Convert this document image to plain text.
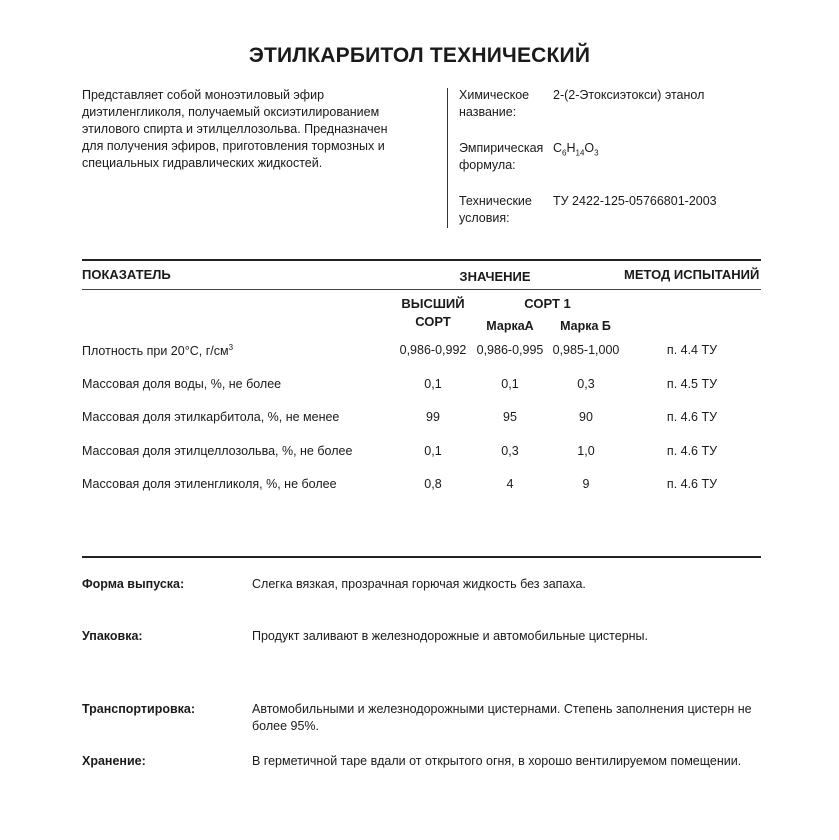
ЭТИЛКАРБИТОЛ ТЕХНИЧЕСКИЙ
Представляет собой моноэтиловый эфир диэтиленгликоля, получаемый оксиэтилированием этилового спирта и этилцеллозольва. Предназначен для получения эфиров, приготовления тормозных и специальных гидравлических жидкостей.
Химическое название:
2-(2-Этоксиэтокси) этанол
Эмпирическая формула:
$C_6H_{14}O_3$
Технические условия:
ТУ 2422-125-05766801-2003
ПОКАЗАТЕЛЬ	ЗНАЧЕНИЕ	МЕТОД ИСПЫТАНИЙ
ВЫСШИЙ
СОРТ
СОРТ 1
МаркаА	Марка Б
Плотность при 20°С, $г/см^3$	0,986-0,992 0,986-0,995 0,985-1,000	п. 4.4 ТУ
Массовая доля воды, %, не более	0,1	0,1	0,3	п. 4.5 ТУ
Массовая доля этилкарбитола, %, не менее	99	95	90	п. 4.6 ТУ
Массовая доля этилцеллозольва, %, не более	0,1	0,3	1,0	п. 4.6 ТУ
Массовая доля этиленгликоля, %, не более	0,8	4	9	п. 4.6 ТУ
Форма выпуска:	Слегка вязкая, прозрачная горючая жидкость без запаха.
Упаковка:	Продукт заливают в железнодорожные и автомобильные цистерны.
Транспортировка:	Автомобильными и железнодорожными цистернами. Степень заполнения цистерн не более 95%.
Хранение:	В герметичной таре вдали от открытого огня, в хорошо вентилируемом помещении.
